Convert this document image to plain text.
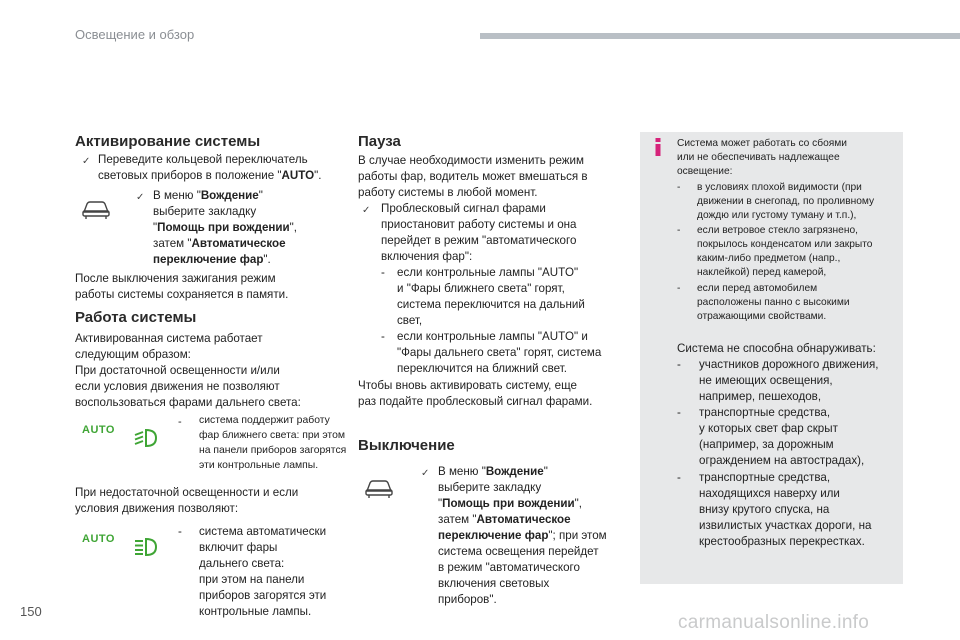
Освещение и обзор
Активирование системы
✓ Переведите кольцевой переключатель
световых приборов в положение "AUTO".
✓ В меню "Вождение"
выберите закладку
"Помощь при вождении",
затем "Автоматическое
переключение фар".
После выключения зажигания режим
работы системы сохраняется в памяти.
Работа системы
Активированная система работает
следующим образом:
При достаточной освещенности и/или
если условия движения не позволяют
воспользоваться фарами дальнего света:
AUTO
- системa поддержит работу
фар ближнего света: при этом
на панели приборов загорятся
эти контрольные лампы.
При недостаточной освещенности и если
условия движения позволяют:
AUTO
- система автоматически
включит фары
дальнего света:
при этом на панели
приборов загорятся эти
контрольные лампы.
Пауза
В случае необходимости изменить режим
работы фар, водитель может вмешаться в
работу системы в любой момент.
✓ Проблесковый сигнал фарами
приостановит работу системы и она
перейдет в режим "автоматического
включения фар":
- если контрольные лампы "AUTO"
и "Фары ближнего света" горят,
система переключится на дальний
свет,
- если контрольные лампы "AUTO" и
"Фары дальнего света" горят, система
переключится на ближний свет.
Чтобы вновь активировать систему, еще
раз подайте проблесковый сигнал фарами.
Выключение
✓ В меню "Вождение"
выберите закладку
"Помощь при вождении",
затем "Автоматическое
переключение фар"; при этом
система освещения перейдет
в режим "автоматического
включения световых
приборов".
Система может работать со сбоями
или не обеспечивать надлежащее
освещение:
- в условиях плохой видимости (при
движении в снегопад, по проливному
дождю или густому туману и т.п.),
- если ветровое стекло загрязнено,
покрылось конденсатом или закрыто
каким-либо предметом (напр.,
наклейкой) перед камерой,
- если перед автомобилем
расположены панно с высокими
отражающими свойствами.
Система не способна обнаруживать:
- участников дорожного движения,
не имеющих освещения,
например, пешеходов,
- транспортные средства,
у которых свет фар скрыт
(например, за дорожным
ограждением на автострадах),
- транспортные средства,
находящихся наверху или
внизу крутого спуска, на
извилистых участках дороги, на
крестообразных перекрестках.
150
carmanualsonline.info
